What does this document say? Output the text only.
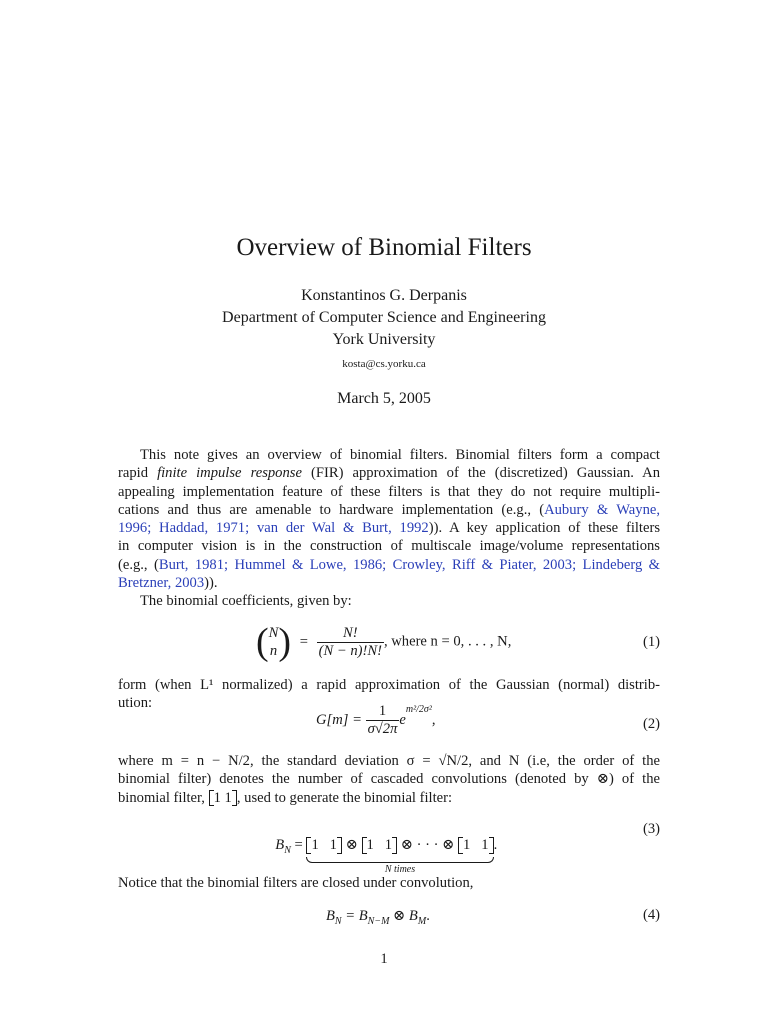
Overview of Binomial Filters
Konstantinos G. Derpanis
Department of Computer Science and Engineering
York University
kosta@cs.yorku.ca
March 5, 2005
This note gives an overview of binomial filters. Binomial filters form a compact
rapid finite impulse response (FIR) approximation of the (discretized) Gaussian. An
appealing implementation feature of these filters is that they do not require multipli-
cations and thus are amenable to hardware implementation (e.g., (Aubury & Wayne,
1996; Haddad, 1971; van der Wal & Burt, 1992)). A key application of these filters
in computer vision is in the construction of multiscale image/volume representations
(e.g., (Burt, 1981; Hummel & Lowe, 1986; Crowley, Riff & Piater, 2003; Lindeberg &
Bretzner, 2003)).
The binomial coefficients, given by:
( N
n ) = $\frac{N!}{(N - n)!N!}$ , where n = 0, . . . , N,	(1)
form (when L¹ normalized) a rapid approximation of the Gaussian (normal) distrib-
ution:
$G[m] = \frac{1}{\sigma√2\pi} e^{m^2/2\sigma^2}$,	(2)
where m = n − N/2, the standard deviation σ = √N/2, and N (i.e, the order of the
binomial filter) denotes the number of cascaded convolutions (denoted by ⊗) of the
binomial filter, 1 1 , used to generate the binomial filter:

$B_N = 1$   1 ⊗ 1   1 ⊗ · · · ⊗ 1   1
N times
.

(3)
Notice that the binomial filters are closed under convolution,
$B_N = B_{N-M}$ ⊗ $B_M$.	(4)
1
